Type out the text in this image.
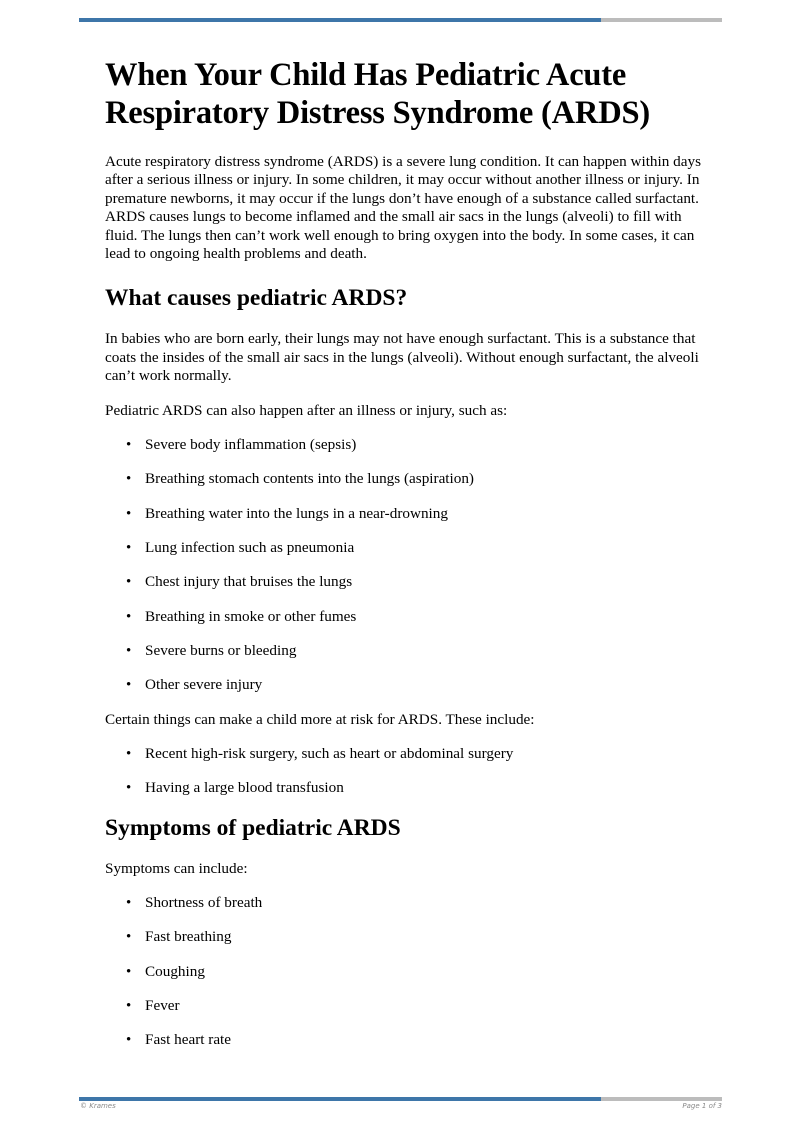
When Your Child Has Pediatric Acute Respiratory Distress Syndrome (ARDS)

Acute respiratory distress syndrome (ARDS) is a severe lung condition. It can happen within days after a serious illness or injury. In some children, it may occur without another illness or injury. In premature newborns, it may occur if the lungs don’t have enough of a substance called surfactant. ARDS causes lungs to become inflamed and the small air sacs in the lungs (alveoli) to fill with fluid. The lungs then can’t work well enough to bring oxygen into the body. In some cases, it can lead to ongoing health problems and death.

What causes pediatric ARDS?

In babies who are born early, their lungs may not have enough surfactant. This is a substance that coats the insides of the small air sacs in the lungs (alveoli). Without enough surfactant, the alveoli can’t work normally.

Pediatric ARDS can also happen after an illness or injury, such as:

• Severe body inflammation (sepsis)
• Breathing stomach contents into the lungs (aspiration)
• Breathing water into the lungs in a near-drowning
• Lung infection such as pneumonia
• Chest injury that bruises the lungs
• Breathing in smoke or other fumes
• Severe burns or bleeding
• Other severe injury

Certain things can make a child more at risk for ARDS. These include:

• Recent high-risk surgery, such as heart or abdominal surgery
• Having a large blood transfusion
Symptoms of pediatric ARDS

Symptoms can include:

• Shortness of breath
• Fast breathing
• Coughing
• Fever
• Fast heart rate
© Krames	Page 1 of 3
